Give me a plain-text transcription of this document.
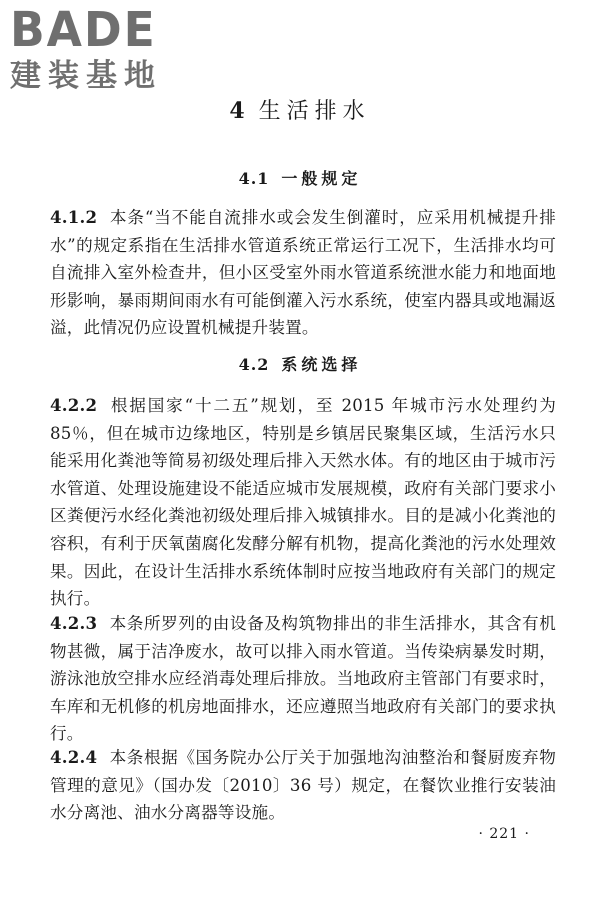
BADE
建装基地
4 生活排水
4.1 一般规定

4.1.2 本条“当不能自流排水或会发生倒灌时，应采用机械提升排水”的规定系指在生活排水管道系统正常运行工况下，生活排水均可自流排入室外检查井，但小区受室外雨水管道系统泄水能力和地面地形影响，暴雨期间雨水有可能倒灌入污水系统，使室内器具或地漏返溢，此情况仍应设置机械提升装置。

4.2 系统选择

4.2.2 根据国家“十二五”规划，至 2015 年城市污水处理约为 85％，但在城市边缘地区，特别是乡镇居民聚集区域，生活污水只能采用化粪池等简易初级处理后排入天然水体。有的地区由于城市污水管道、处理设施建设不能适应城市发展规模，政府有关部门要求小区粪便污水经化粪池初级处理后排入城镇排水。目的是减小化粪池的容积，有利于厌氧菌腐化发酵分解有机物，提高化粪池的污水处理效果。因此，在设计生活排水系统体制时应按当地政府有关部门的规定执行。

4.2.3 本条所罗列的由设备及构筑物排出的非生活排水，其含有机物甚微，属于洁净废水，故可以排入雨水管道。当传染病暴发时期，游泳池放空排水应经消毒处理后排放。当地政府主管部门有要求时，车库和无机修的机房地面排水，还应遵照当地政府有关部门的要求执行。

4.2.4 本条根据《国务院办公厅关于加强地沟油整治和餐厨废弃物管理的意见》（国办发〔2010〕36 号）规定，在餐饮业推行安装油水分离池、油水分离器等设施。

· 221 ·
